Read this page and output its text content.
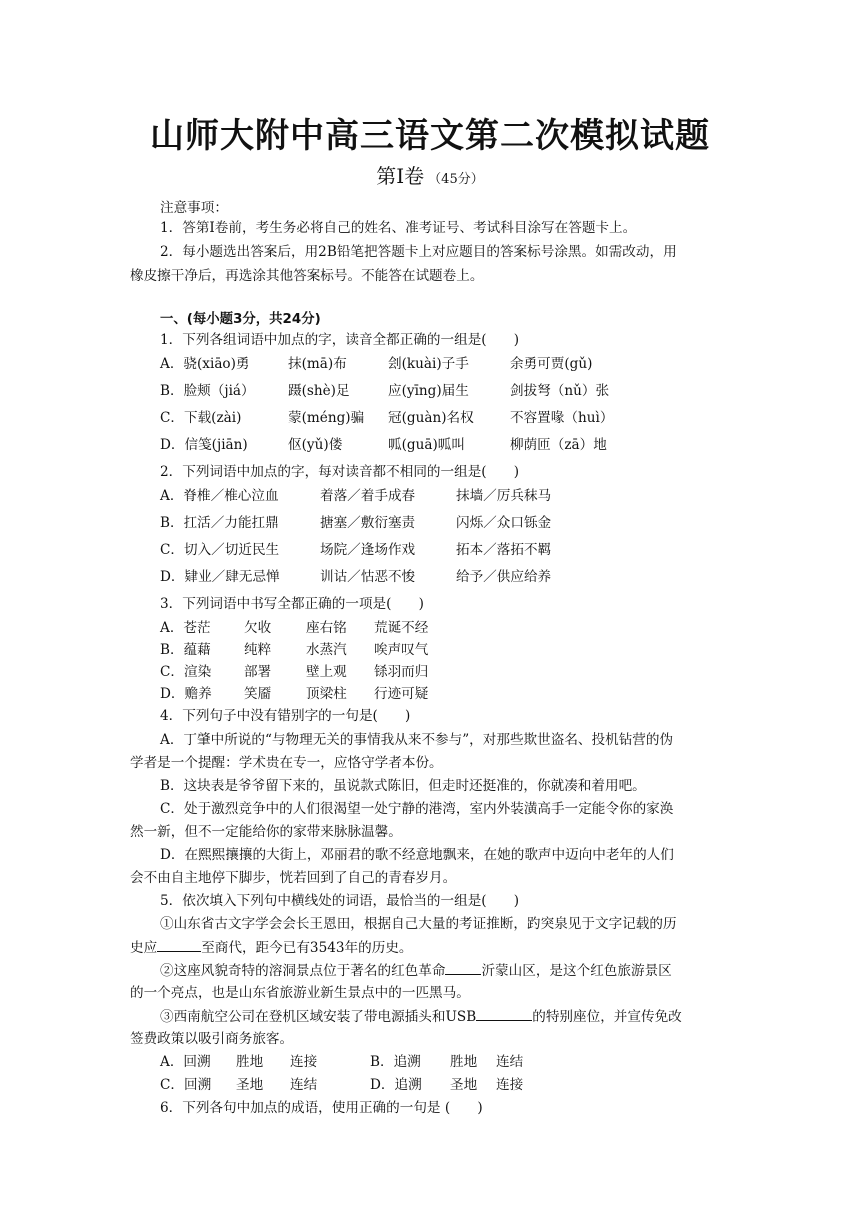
山师大附中高三语文第二次模拟试题
第Ⅰ卷 （45分）
注意事项：
1．答第Ⅰ卷前，考生务必将自己的姓名、准考证号、考试科目涂写在答题卡上。
2．每小题选出答案后，用2B铅笔把答题卡上对应题目的答案标号涂黑。如需改动，用
橡皮擦干净后，再选涂其他答案标号。不能答在试题卷上。
一、(每小题3分，共24分)
1．下列各组词语中加点的字，读音全都正确的一组是(　　)
A．骁(xiāo)勇	抹(mā)布	刽(kuài)子手	余勇可贾(gǔ)
B．脸颊（jiá） 蹑(shè)足	应(yīng)届生	剑拔弩（nǔ）张
C．下载(zài)	蒙(méng)骗 冠(guàn)名权	不容置喙（huì）
D．信笺(jiān)	伛(yǔ)偻	呱(guā)呱叫	柳荫匝（zā）地
2．下列词语中加点的字，每对读音都不相同的一组是(　　)
A．脊椎／椎心泣血	着落／着手成春	抹墙／厉兵秣马
B．扛活／力能扛鼎	搪塞／敷衍塞责	闪烁／众口铄金
C．切入／切近民生	场院／逢场作戏	拓本／落拓不羁
D．肄业／肆无忌惮	训诂／怙恶不悛	给予／供应给养
3．下列词语中书写全都正确的一项是(　　)
A．苍茫 欠收	座右铭 荒诞不经
B．蕴藉 纯粹	水蒸汽 唉声叹气
C．渲染 部署	壁上观 铩羽而归
D．赡养 笑靥	顶梁柱 行迹可疑
4．下列句子中没有错别字的一句是(　　)
A．丁肇中所说的“与物理无关的事情我从来不参与”，对那些欺世盗名、投机钻营的伪
学者是一个提醒：学术贵在专一，应恪守学者本份。
B．这块表是爷爷留下来的，虽说款式陈旧，但走时还挺准的，你就凑和着用吧。
C．处于激烈竞争中的人们很渴望一处宁静的港湾，室内外装潢高手一定能令你的家涣
然一新，但不一定能给你的家带来脉脉温馨。
D．在熙熙攘攘的大街上，邓丽君的歌不经意地飘来，在她的歌声中迈向中老年的人们
会不由自主地停下脚步，恍若回到了自己的青春岁月。
5．依次填入下列句中横线处的词语，最恰当的一组是(　　)
①山东省古文字学会会长王恩田，根据自己大量的考证推断，趵突泉见于文字记载的历
史应	至商代，距今已有3543年的历史。
②这座风貌奇特的溶洞景点位于著名的红色革命	沂蒙山区，是这个红色旅游景区
的一个亮点，也是山东省旅游业新生景点中的一匹黑马。
③西南航空公司在登机区域安装了带电源插头和USB	的特别座位，并宣传免改
签费政策以吸引商务旅客。
A．回溯 胜地 连接	B．追溯 胜地 连结
C．回溯 圣地 连结	D．追溯 圣地 连接
6．下列各句中加点的成语，使用正确的一句是 (　　)
